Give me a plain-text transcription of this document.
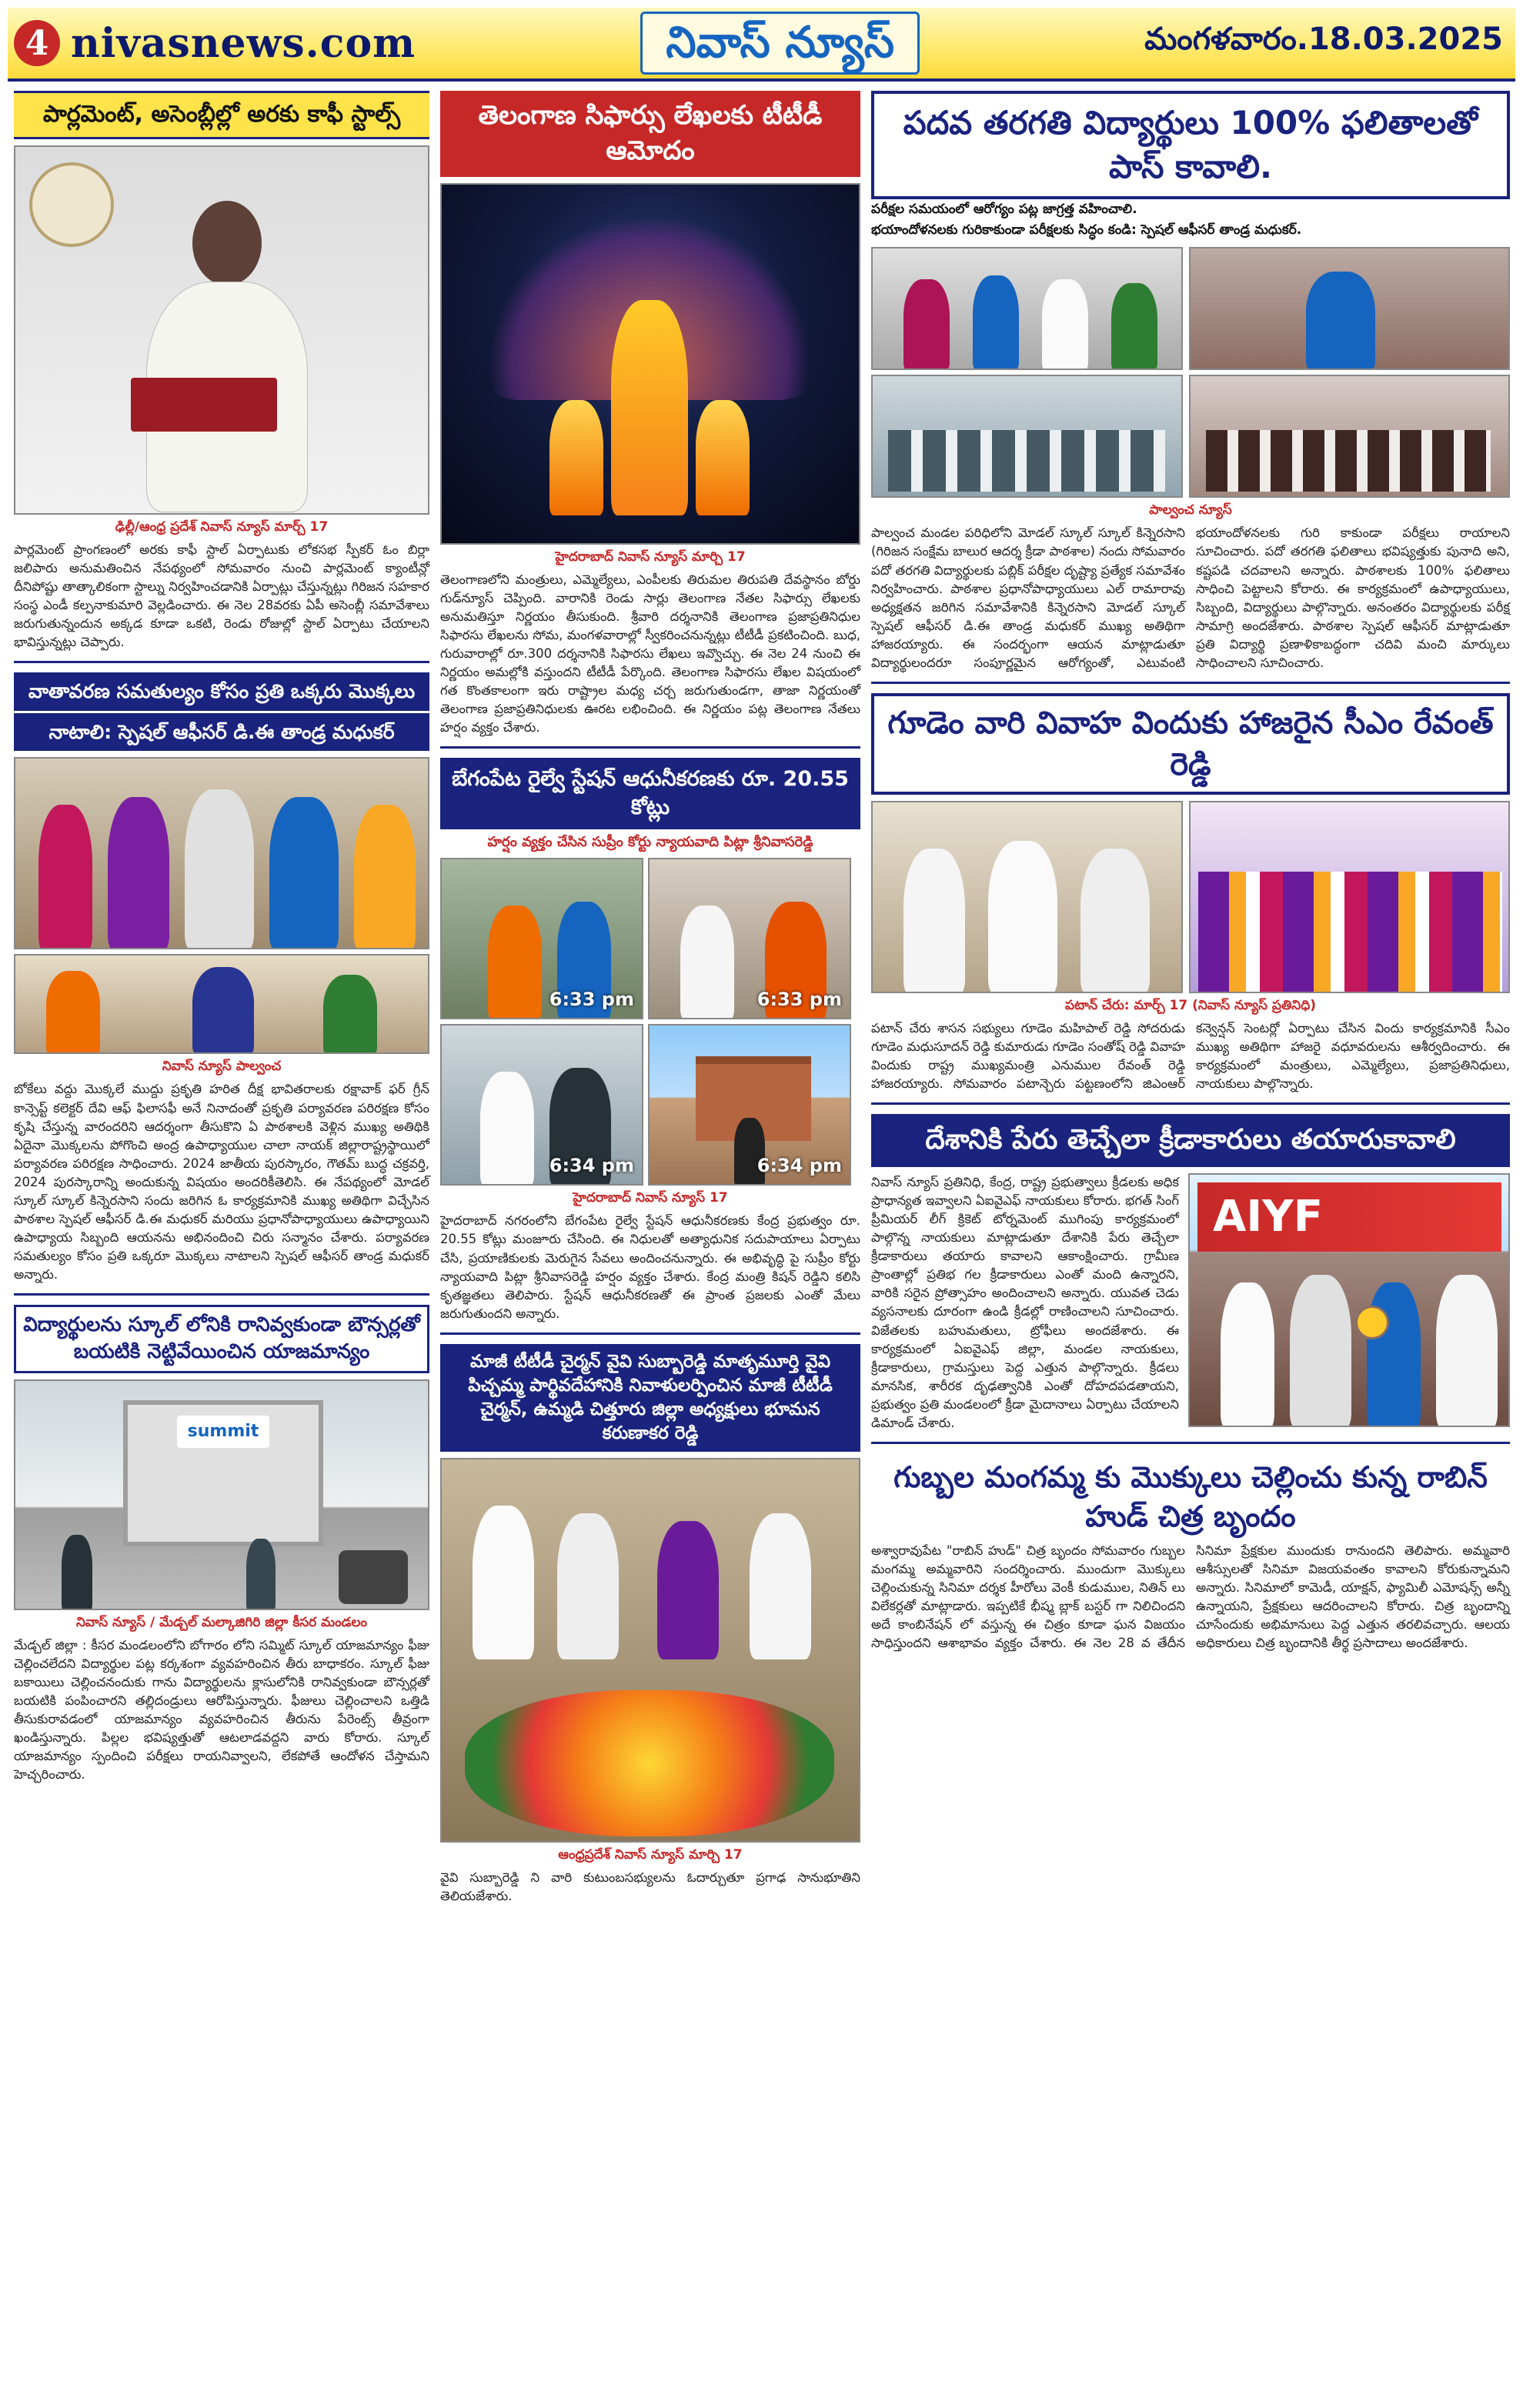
4 nivasnews.com	నివాస్ న్యూస్	మంగళవారం.18.03.2025
పార్లమెంట్, అసెంబ్లీల్లో అరకు కాఫీ స్టాల్స్
ఢిల్లీ/ఆంధ్ర ప్రదేశ్ నివాస్ న్యూస్ మార్చ్ 17
పార్లమెంట్ ప్రాంగణంలో అరకు కాఫీ స్టాల్ ఏర్పాటుకు లోకసభ స్పీకర్ ఓం బిర్లా జలిపారు అనుమతించిన నేపథ్యంలో సోమవారం నుంచి పార్లమెంట్ క్యాంటీన్లో దీనిపోష్టు తాత్కాలికంగా స్టాల్ను నిర్వహించడానికి ఏర్పాట్లు చేస్తున్నట్లు గిరిజన సహకార సంస్థ ఎండీ కల్పనాకుమారి వెల్లడించారు. ఈ నెల 28వరకు ఏపీ అసెంబ్లీ సమావేశాలు జరుగుతున్నందున అక్కడ కూడా ఒకటి, రెండు రోజుల్లో స్టాల్ ఏర్పాటు చేయాలని భావిస్తున్నట్లు చెప్పారు.
వాతావరణ సమతుల్యం కోసం ప్రతి ఒక్కరు మొక్కలు
నాటాలి: స్పెషల్ ఆఫీసర్ డి.ఈ తాండ్ర మధుకర్
నివాస్ న్యూస్ పాల్వంచ
బోకేలు వద్దు మొక్కలే ముద్దు ప్రకృతి హరిత దీక్ష భావితరాలకు రక్షావాక్ ఫర్ గ్రీన్ కాన్సెప్ట్ కలెక్టర్ దేవి ఆఫ్ ఫిలాసఫీ అనే నినాదంతో ప్రకృతి పర్యావరణ పరిరక్షణ కోసం కృషి చేస్తున్న వారందరిని ఆదర్శంగా తీసుకొని ఏ పాఠశాలకి వెళ్లిన ముఖ్య అతిథికి ఏదైనా మొక్కలను పోగొంచి అంద్ర ఉపాధ్యాయుల చాలా నాయక్ జిల్లారాష్ట్రస్థాయిలో పర్యావరణ పరిరక్షణ సాధించారు. 2024 జాతీయ పురస్కారం, గౌతమ్ బుద్ధ చక్రవర్తి, 2024 పురస్కారాన్ని అందుకున్న విషయం అందరికీతెలిసి. ఈ నేపథ్యంలో మోడల్ స్కూల్ స్కూల్ కిన్నెరసాని సందు జరిగిన ఓ కార్యక్రమానికి ముఖ్య అతిథిగా విచ్చేసిన పాఠశాల స్పెషల్ ఆఫీసర్ డి.ఈ మధుకర్ మరియు ప్రధానోపాధ్యాయులు ఉపాధ్యాయిని ఉపాధ్యాయ సిబ్బంది ఆయనను అభినందించి చిరు సన్మానం చేశారు. పర్యావరణ సమతుల్యం కోసం ప్రతి ఒక్కరూ మొక్కలు నాటాలని స్పెషల్ ఆఫీసర్ తాండ్ర మధుకర్ అన్నారు.
విద్యార్థులను స్కూల్ లోనికి రానివ్వకుండా బౌన్సర్లతో బయటికి నెట్టివేయించిన యాజమాన్యం
summit
నివాస్ న్యూస్ / మేడ్చల్ మల్కాజిగిరి జిల్లా కీసర మండలం
మేడ్చల్ జిల్లా : కీసర మండలంలోని బోగారం లోని సమ్మిట్ స్కూల్ యాజమాన్యం ఫీజు చెల్లించలేదని విద్యార్థుల పట్ల కర్కశంగా వ్యవహరించిన తీరు బాధాకరం. స్కూల్ ఫీజు బకాయిలు చెల్లించనందుకు గాను విద్యార్థులను క్లాసులోనికి రానివ్వకుండా బౌన్సర్లతో బయటికి పంపించారని తల్లిదండ్రులు ఆరోపిస్తున్నారు. ఫీజులు చెల్లించాలని ఒత్తిడి తీసుకురావడంలో యాజమాన్యం వ్యవహరించిన తీరును పేరెంట్స్ తీవ్రంగా ఖండిస్తున్నారు. పిల్లల భవిష్యత్తుతో ఆటలాడవద్దని వారు కోరారు. స్కూల్ యాజమాన్యం స్పందించి పరీక్షలు రాయనివ్వాలని, లేకపోతే ఆందోళన చేస్తామని హెచ్చరించారు.
తెలంగాణ సిఫార్సు లేఖలకు టీటీడీ ఆమోదం
హైదరాబాద్ నివాస్ న్యూస్ మార్చి 17
తెలంగాణలోని మంత్రులు, ఎమ్మెల్యేలు, ఎంపీలకు తిరుమల తిరుపతి దేవస్థానం బోర్డు గుడ్‌న్యూస్ చెప్పింది. వారానికి రెండు సార్లు తెలంగాణ నేతల సిఫార్సు లేఖలకు అనుమతిస్తూ నిర్ణయం తీసుకుంది. శ్రీవారి దర్శనానికి తెలంగాణ ప్రజాప్రతినిధుల సిఫారసు లేఖలను సోమ, మంగళవారాల్లో స్వీకరించనున్నట్లు టీటీడీ ప్రకటించింది. బుధ, గురువారాల్లో రూ.300 దర్శనానికి సిఫారసు లేఖలు ఇవ్వొచ్చు. ఈ నెల 24 నుంచి ఈ నిర్ణయం అమల్లోకి వస్తుందని టీటీడీ పేర్కొంది. తెలంగాణ సిఫారసు లేఖల విషయంలో గత కొంతకాలంగా ఇరు రాష్ట్రాల మధ్య చర్చ జరుగుతుండగా, తాజా నిర్ణయంతో తెలంగాణ ప్రజాప్రతినిధులకు ఊరట లభించింది. ఈ నిర్ణయం పట్ల తెలంగాణ నేతలు హర్షం వ్యక్తం చేశారు.
బేగంపేట రైల్వే స్టేషన్ ఆధునీకరణకు రూ. 20.55 కోట్లు
హర్షం వ్యక్తం చేసిన సుప్రీం కోర్టు న్యాయవాది పిట్లా శ్రీనివాసరెడ్డి
6:33 pm	6:33 pm
6:34 pm	6:34 pm
హైదరాబాద్ నివాస్ న్యూస్ 17
హైదరాబాద్ నగరంలోని బేగంపేట రైల్వే స్టేషన్ ఆధునీకరణకు కేంద్ర ప్రభుత్వం రూ. 20.55 కోట్లు మంజూరు చేసింది. ఈ నిధులతో అత్యాధునిక సదుపాయాలు ఏర్పాటు చేసి, ప్రయాణికులకు మెరుగైన సేవలు అందించనున్నారు. ఈ అభివృద్ధి పై సుప్రీం కోర్టు న్యాయవాది పిట్లా శ్రీనివాసరెడ్డి హర్షం వ్యక్తం చేశారు. కేంద్ర మంత్రి కిషన్ రెడ్డిని కలిసి కృతజ్ఞతలు తెలిపారు. స్టేషన్ ఆధునీకరణతో ఈ ప్రాంత ప్రజలకు ఎంతో మేలు జరుగుతుందని అన్నారు.
మాజీ టీటీడీ చైర్మన్ వైవి సుబ్బారెడ్డి మాతృమూర్తి వైవి పిచ్చమ్మ పార్థివదేహానికి నివాళులర్పించిన మాజీ టీటీడీ చైర్మన్, ఉమ్మడి చిత్తూరు జిల్లా అధ్యక్షులు భూమన కరుణాకర రెడ్డి
ఆంధ్రప్రదేశ్ నివాస్ న్యూస్ మార్చి 17
వైవి సుబ్బారెడ్డి ని వారి కుటుంబసభ్యులను ఓదార్చుతూ ప్రగాఢ సానుభూతిని తెలియజేశారు.
పదవ తరగతి విద్యార్థులు 100% ఫలితాలతో పాస్ కావాలి.
పరీక్షల సమయంలో ఆరోగ్యం పట్ల జాగ్రత్త వహించాలి.
భయాందోళనలకు గురికాకుండా పరీక్షలకు సిద్ధం కండి: స్పెషల్ ఆఫీసర్ తాండ్ర మధుకర్.
పాల్వంచ న్యూస్
పాల్వంచ మండల పరిధిలోని మోడల్ స్కూల్ స్కూల్ కిన్నెరసాని (గిరిజన సంక్షేమ బాలుర ఆదర్శ క్రీడా పాఠశాల) నందు సోమవారం పదో తరగతి విద్యార్థులకు పబ్లిక్ పరీక్షల దృష్ట్యా ప్రత్యేక సమావేశం నిర్వహించారు. పాఠశాల ప్రధానోపాధ్యాయులు ఎల్ రామారావు అధ్యక్షతన జరిగిన సమావేశానికి కిన్నెరసాని మోడల్ స్కూల్ స్పెషల్ ఆఫీసర్ డి.ఈ తాండ్ర మధుకర్ ముఖ్య అతిథిగా హాజరయ్యారు. ఈ సందర్భంగా ఆయన మాట్లాడుతూ విద్యార్థులందరూ సంపూర్ణమైన ఆరోగ్యంతో, ఎటువంటి భయాందోళనలకు గురి కాకుండా పరీక్షలు రాయాలని సూచించారు. పదో తరగతి ఫలితాలు భవిష్యత్తుకు పునాది అని, కష్టపడి చదవాలని అన్నారు. పాఠశాలకు 100% ఫలితాలు సాధించి పెట్టాలని కోరారు. ఈ కార్యక్రమంలో ఉపాధ్యాయులు, సిబ్బంది, విద్యార్థులు పాల్గొన్నారు. అనంతరం విద్యార్థులకు పరీక్ష సామాగ్రి అందజేశారు. పాఠశాల స్పెషల్ ఆఫీసర్ మాట్లాడుతూ ప్రతి విద్యార్థి ప్రణాళికాబద్ధంగా చదివి మంచి మార్కులు సాధించాలని సూచించారు.
గూడెం వారి వివాహ విందుకు హాజరైన సీఎం రేవంత్ రెడ్డి
పటాన్ చేరు: మార్చ్ 17 (నివాస్ న్యూస్ ప్రతినిధి)
పటాన్ చేరు శాసన సభ్యులు గూడెం మహిపాల్ రెడ్డి సోదరుడు గూడెం మధుసూదన్ రెడ్డి కుమారుడు గూడెం సంతోష్ రెడ్డి వివాహ విందుకు రాష్ట్ర ముఖ్యమంత్రి ఎనుముల రేవంత్ రెడ్డి హాజరయ్యారు. సోమవారం పటాన్చెరు పట్టణంలోని జిఎంఆర్ కన్వెన్షన్ సెంటర్లో ఏర్పాటు చేసిన విందు కార్యక్రమానికి సీఎం ముఖ్య అతిథిగా హాజరై వధూవరులను ఆశీర్వదించారు. ఈ కార్యక్రమంలో మంత్రులు, ఎమ్మెల్యేలు, ప్రజాప్రతినిధులు, నాయకులు పాల్గొన్నారు.
దేశానికి పేరు తెచ్చేలా క్రీడాకారులు తయారుకావాలి
నివాస్ న్యూస్ ప్రతినిధి, కేంద్ర, రాష్ట్ర ప్రభుత్వాలు క్రీడలకు అధిక ప్రాధాన్యత ఇవ్వాలని ఏఐవైఎఫ్ నాయకులు కోరారు. భగత్ సింగ్ ప్రీమియర్ లీగ్ క్రికెట్ టోర్నమెంట్ ముగింపు కార్యక్రమంలో పాల్గొన్న నాయకులు మాట్లాడుతూ దేశానికి పేరు తెచ్చేలా క్రీడాకారులు తయారు కావాలని ఆకాంక్షించారు. గ్రామీణ ప్రాంతాల్లో ప్రతిభ గల క్రీడాకారులు ఎంతో మంది ఉన్నారని, వారికి సరైన ప్రోత్సాహం అందించాలని అన్నారు. యువత చెడు వ్యసనాలకు దూరంగా ఉండి క్రీడల్లో రాణించాలని సూచించారు. విజేతలకు బహుమతులు, ట్రోఫీలు అందజేశారు. ఈ కార్యక్రమంలో ఏఐవైఎఫ్ జిల్లా, మండల నాయకులు, క్రీడాకారులు, గ్రామస్తులు పెద్ద ఎత్తున పాల్గొన్నారు. క్రీడలు మానసిక, శారీరక దృఢత్వానికి ఎంతో దోహదపడతాయని, ప్రభుత్వం ప్రతి మండలంలో క్రీడా మైదానాలు ఏర్పాటు చేయాలని డిమాండ్ చేశారు.
AIYF
గుబ్బల మంగమ్మ కు మొక్కులు చెల్లించు కున్న రాబిన్ హుడ్ చిత్ర బృందం
అశ్వారావుపేట "రాబిన్ హుడ్" చిత్ర బృందం సోమవారం గుబ్బల మంగమ్మ అమ్మవారిని సందర్శించారు. ముందుగా మొక్కులు చెల్లించుకున్న సినిమా దర్శక హీరోలు వెంకీ కుడుముల, నితిన్ లు విలేకర్లతో మాట్లాడారు. ఇప్పటికే భీష్మ బ్లాక్ బస్టర్ గా నిలిచిందని అదే కాంబినేషన్ లో వస్తున్న ఈ చిత్రం కూడా ఘన విజయం సాధిస్తుందని ఆశాభావం వ్యక్తం చేశారు. ఈ నెల 28 వ తేదీన సినిమా ప్రేక్షకుల ముందుకు రానుందని తెలిపారు. అమ్మవారి ఆశీస్సులతో సినిమా విజయవంతం కావాలని కోరుకున్నామని అన్నారు. సినిమాలో కామెడీ, యాక్షన్, ఫ్యామిలీ ఎమోషన్స్ అన్నీ ఉన్నాయని, ప్రేక్షకులు ఆదరించాలని కోరారు. చిత్ర బృందాన్ని చూసేందుకు అభిమానులు పెద్ద ఎత్తున తరలివచ్చారు. ఆలయ అధికారులు చిత్ర బృందానికి తీర్థ ప్రసాదాలు అందజేశారు.
